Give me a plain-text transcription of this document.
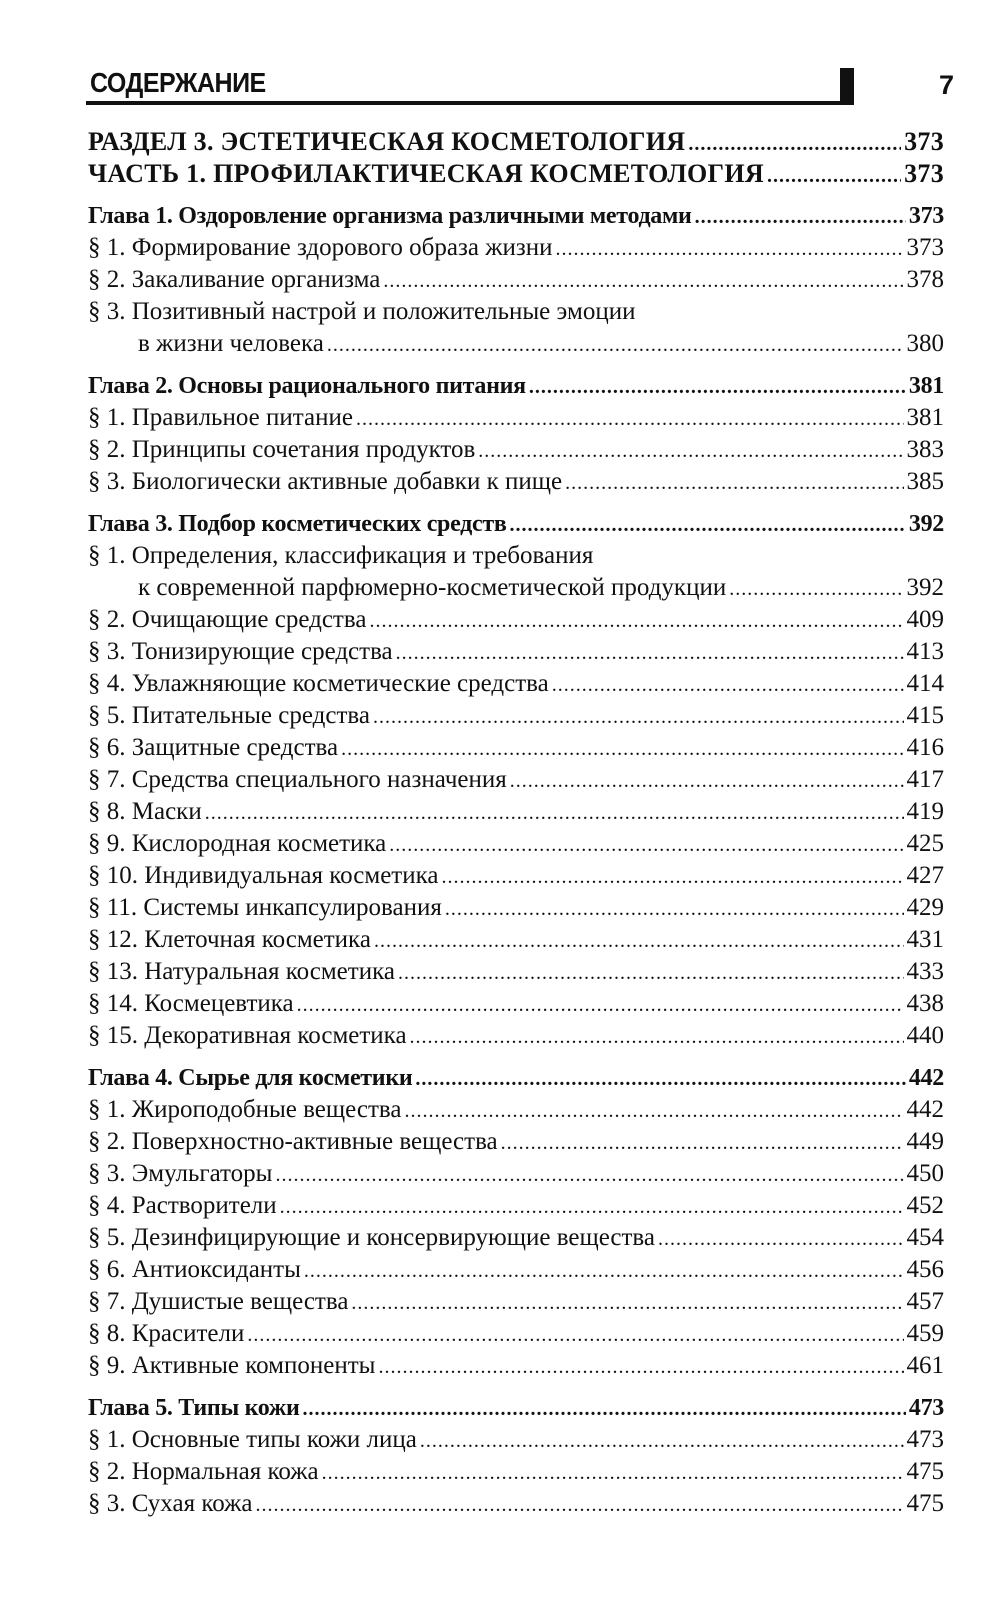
СОДЕРЖАНИЕ	7
РАЗДЕЛ 3. ЭСТЕТИЧЕСКАЯ КОСМЕТОЛОГИЯ .....	373
ЧАСТЬ 1. ПРОФИЛАКТИЧЕСКАЯ КОСМЕТОЛОГИЯ .....	373
Глава 1. Оздоровление организма различными методами .....	373
§ 1. Формирование здорового образа жизни .....	373
§ 2. Закаливание организма .....	378
§ 3. Позитивный настрой и положительные эмоции
в жизни человека .....	380
Глава 2. Основы рационального питания .....	381
§ 1. Правильное питание .....	381
§ 2. Принципы сочетания продуктов .....	383
§ 3. Биологически активные добавки к пище .....	385
Глава 3. Подбор косметических средств .....	392
§ 1. Определения, классификация и требования
к современной парфюмерно-косметической продукции .....	392
§ 2. Очищающие средства .....	409
§ 3. Тонизирующие средства .....	413
§ 4. Увлажняющие косметические средства .....	414
§ 5. Питательные средства .....	415
§ 6. Защитные средства .....	416
§ 7. Средства специального назначения .....	417
§ 8. Маски .....	419
§ 9. Кислородная косметика .....	425
§ 10. Индивидуальная косметика .....	427
§ 11. Системы инкапсулирования .....	429
§ 12. Клеточная косметика .....	431
§ 13. Натуральная косметика .....	433
§ 14. Космецевтика .....	438
§ 15. Декоративная косметика .....	440
Глава 4. Сырье для косметики .....	442
§ 1. Жироподобные вещества .....	442
§ 2. Поверхностно-активные вещества .....	449
§ 3. Эмульгаторы .....	450
§ 4. Растворители .....	452
§ 5. Дезинфицирующие и консервирующие вещества .....	454
§ 6. Антиоксиданты .....	456
§ 7. Душистые вещества .....	457
§ 8. Красители .....	459
§ 9. Активные компоненты .....	461
Глава 5. Типы кожи .....	473
§ 1. Основные типы кожи лица .....	473
§ 2. Нормальная кожа .....	475
§ 3. Сухая кожа .....	475
